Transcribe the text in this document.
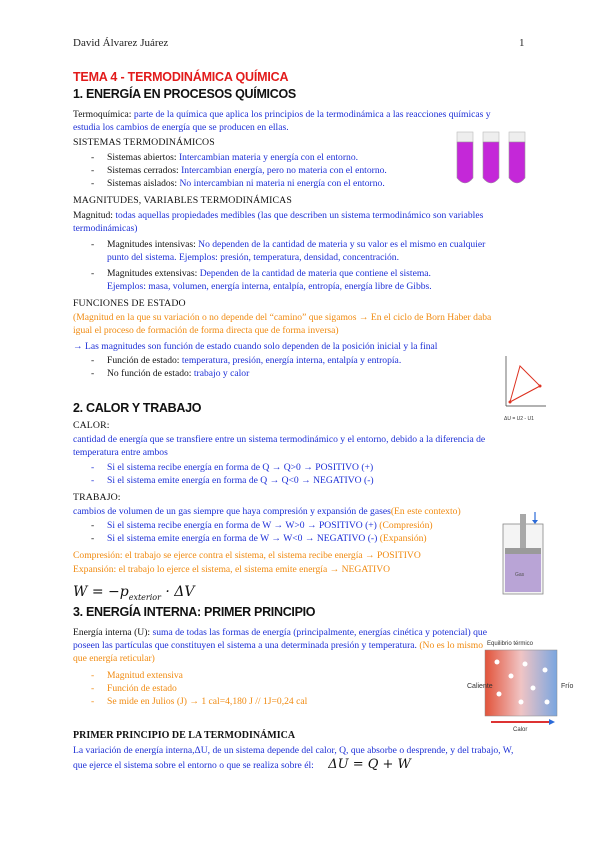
David Álvarez Juárez	1
TEMA 4 - TERMODINÁMICA QUÍMICA
1. ENERGÍA EN PROCESOS QUÍMICOS
Termoquímica: parte de la química que aplica los principios de la termodinámica a las reacciones químicas y estudia los cambios de energía que se producen en ellas.
SISTEMAS TERMODINÁMICOS
- Sistemas abiertos: Intercambian materia y energía con el entorno.
- Sistemas cerrados: Intercambian energía, pero no materia con el entorno.
- Sistemas aislados: No intercambian ni materia ni energía con el entorno.
MAGNITUDES, VARIABLES TERMODINÁMICAS
Magnitud: todas aquellas propiedades medibles (las que describen un sistema termodinámico son variables termodinámicas)
- Magnitudes intensivas: No dependen de la cantidad de materia y su valor es el mismo en cualquier punto del sistema. Ejemplos: presión, temperatura, densidad, concentración.
- Magnitudes extensivas: Dependen de la cantidad de materia que contiene el sistema.
Ejemplos: masa, volumen, energía interna, entalpía, entropía, energía libre de Gibbs.
FUNCIONES DE ESTADO
(Magnitud en la que su variación o no depende del “camino” que sigamos → En el ciclo de Born Haber daba igual el proceso de formación de forma directa que de forma inversa)
→ Las magnitudes son función de estado cuando solo dependen de la posición inicial y la final
- Función de estado: temperatura, presión, energía interna, entalpía y entropía.
- No función de estado: trabajo y calor
ΔU = U2 - U1
2. CALOR Y TRABAJO
CALOR:
cantidad de energía que se transfiere entre un sistema termodinámico y el entorno, debido a la diferencia de temperatura entre ambos
- Si el sistema recibe energía en forma de Q → Q>0 → POSITIVO (+)
- Si el sistema emite energía en forma de Q → Q<0 → NEGATIVO (-)
TRABAJO:
cambios de volumen de un gas siempre que haya compresión y expansión de gases(En este contexto)
- Si el sistema recibe energía en forma de W → W>0 → POSITIVO (+) (Compresión)
- Si el sistema emite energía en forma de W → W<0 → NEGATIVO (-) (Expansión)
Compresión: el trabajo se ejerce contra el sistema, el sistema recibe energía → POSITIVO
Expansión: el trabajo lo ejerce el sistema, el sistema emite energía → NEGATIVO
$W = -p_{exterior} \cdot \Delta V$
Gas
3. ENERGÍA INTERNA: PRIMER PRINCIPIO
Energía interna (U): suma de todas las formas de energía (principalmente, energías cinética y potencial) que poseen las partículas que constituyen el sistema a una determinada presión y temperatura. (No es lo mismo que energía reticular)
- Magnitud extensiva
- Función de estado
- Se mide en Julios (J) → 1 cal=4,180 J // 1J=0,24 cal
Equilibrio térmico
Caliente	Frío
Calor
PRIMER PRINCIPIO DE LA TERMODINÁMICA
La variación de energía interna,ΔU, de un sistema depende del calor, Q, que absorbe o desprende, y del trabajo, W, que ejerce el sistema sobre el entorno o que se realiza sobre él: ΔU = Q + W
